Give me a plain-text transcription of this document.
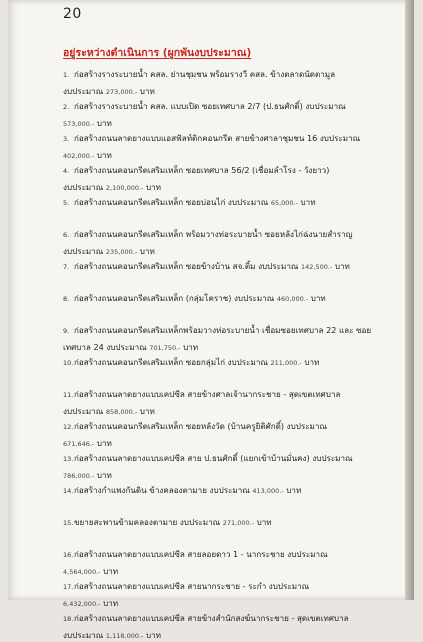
20
อยู่ระหว่างดำเนินการ (ผูกพันงบประมาณ)
1. ก่อสร้างรางระบายน้ำ คสล. ย่านชุมชน พร้อมรางวี คสล. ข้างตลาดนัดตามูล
งบประมาณ 273,000.- บาท
2. ก่อสร้างรางระบายน้ำ คสล. แบบเปิด ซอยเทศบาล 2/7 (ป.ธนศักดิ์) งบประมาณ
573,000.- บาท
3. ก่อสร้างถนนลาดยางแบบแอสฟัลท์ติกคอนกรีต สายข้างศาลาชุมชน 16 งบประมาณ
402,000.- บาท
4. ก่อสร้างถนนคอนกรีตเสริมเหล็ก ซอยเทศบาล 56/2 (เชื่อมลำโรง - วังยาว)
งบประมาณ 2,100,000.- บาท
5. ก่อสร้างถนนคอนกรีตเสริมเหล็ก ซอยบ่อนไก่ งบประมาณ 65,000.- บาท
6. ก่อสร้างถนนคอนกรีตเสริมเหล็ก พร้อมวางท่อระบายน้ำ ซอยหลังไก่ฉ่งนายสำราญ
งบประมาณ 235,000.- บาท
7. ก่อสร้างถนนคอนกรีตเสริมเหล็ก ซอยข้างบ้าน สจ.ติ้ม งบประมาณ 142,500.- บาท
8. ก่อสร้างถนนคอนกรีตเสริมเหล็ก (กลุ่มโคราช) งบประมาณ 460,000.- บาท
9. ก่อสร้างถนนคอนกรีตเสริมเหล็กพร้อมวางท่อระบายน้ำ เชื่อมซอยเทศบาล 22 และ ซอย
เทศบาล 24 งบประมาณ 701,750.- บาท
10.ก่อสร้างถนนคอนกรีตเสริมเหล็ก ซอยกลุ่มไก่ งบประมาณ 211,000.- บาท
11.ก่อสร้างถนนลาดยางแบบเคปซีล สายข้างศาลเจ้านากระชาย - สุดเขตเทศบาล
งบประมาณ 858,000.- บาท
12.ก่อสร้างถนนคอนกรีตเสริมเหล็ก ซอยหลังวัด (บ้านครูยิติศักดิ์) งบประมาณ
671,646.- บาท
13.ก่อสร้างถนนลาดยางแบบเคปซีล สาย ป.ธนศักดิ์ (แยกเข้าบ้านมั่นคง) งบประมาณ
786,000.- บาท
14.ก่อสร้างกำแพงกันดิน ข้างคลองตามาย งบประมาณ 413,000.- บาท
15.ขยายสะพานข้ามคลองตามาย งบประมาณ 271,000.- บาท
16.ก่อสร้างถนนลาดยางแบบเคปซีล สายลอยดาว 1 - นากระชาย งบประมาณ
4,564,000.- บาท
17.ก่อสร้างถนนลาดยางแบบเคปซีล สายนากระชาย - ระกำ งบประมาณ
6,432,000.- บาท
18.ก่อสร้างถนนลาดยางแบบเคปซีล สายข้างสำนักสงฆ์นากระชาย - สุดเขตเทศบาล
งบประมาณ 1,118,000.- บาท
